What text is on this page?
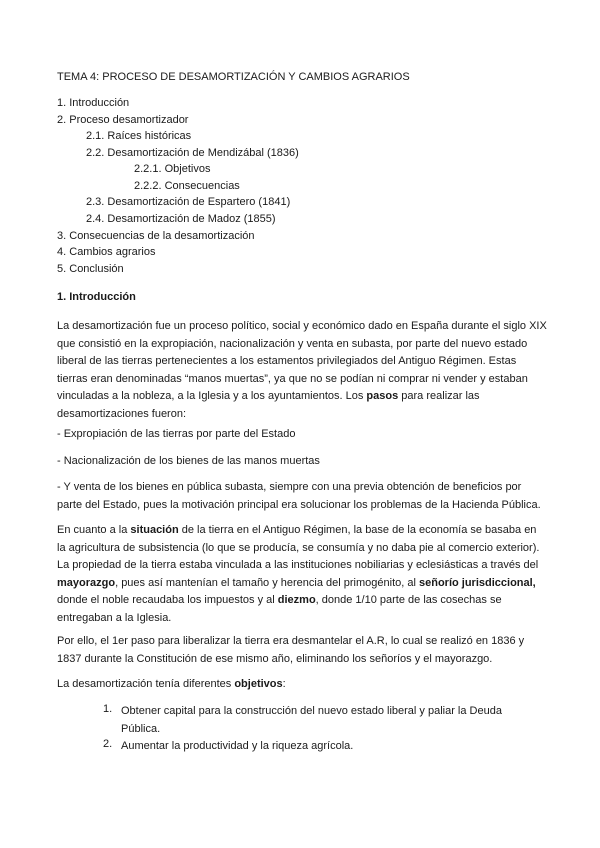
TEMA 4: PROCESO DE DESAMORTIZACIÓN Y CAMBIOS AGRARIOS
1. Introducción
2. Proceso desamortizador
2.1. Raíces históricas
2.2. Desamortización de Mendizábal (1836)
2.2.1. Objetivos
2.2.2. Consecuencias
2.3. Desamortización de Espartero (1841)
2.4. Desamortización de Madoz (1855)
3. Consecuencias de la desamortización
4. Cambios agrarios
5. Conclusión
1. Introducción
La desamortización fue un proceso político, social y económico dado en España durante el siglo XIX que consistió en la expropiación, nacionalización y venta en subasta, por parte del nuevo estado liberal de las tierras pertenecientes a los estamentos privilegiados del Antiguo Régimen. Estas tierras eran denominadas “manos muertas”, ya que no se podían ni comprar ni vender y estaban vinculadas a la nobleza, a la Iglesia y a los ayuntamientos. Los pasos para realizar las desamortizaciones fueron:
- Expropiación de las tierras por parte del Estado
- Nacionalización de los bienes de las manos muertas
- Y venta de los bienes en pública subasta, siempre con una previa obtención de beneficios por parte del Estado, pues la motivación principal era solucionar los problemas de la Hacienda Pública.
En cuanto a la situación de la tierra en el Antiguo Régimen, la base de la economía se basaba en la agricultura de subsistencia (lo que se producía, se consumía y no daba pie al comercio exterior). La propiedad de la tierra estaba vinculada a las instituciones nobiliarias y eclesiásticas a través del mayorazgo, pues así mantenían el tamaño y herencia del primogénito, al señorío jurisdiccional, donde el noble recaudaba los impuestos y al diezmo, donde 1/10 parte de las cosechas se entregaban a la Iglesia.
Por ello, el 1er paso para liberalizar la tierra era desmantelar el A.R, lo cual se realizó en 1836 y 1837 durante la Constitución de ese mismo año, eliminando los señoríos y el mayorazgo.
La desamortización tenía diferentes objetivos:
1. Obtener capital para la construcción del nuevo estado liberal y paliar la Deuda Pública.
2. Aumentar la productividad y la riqueza agrícola.
